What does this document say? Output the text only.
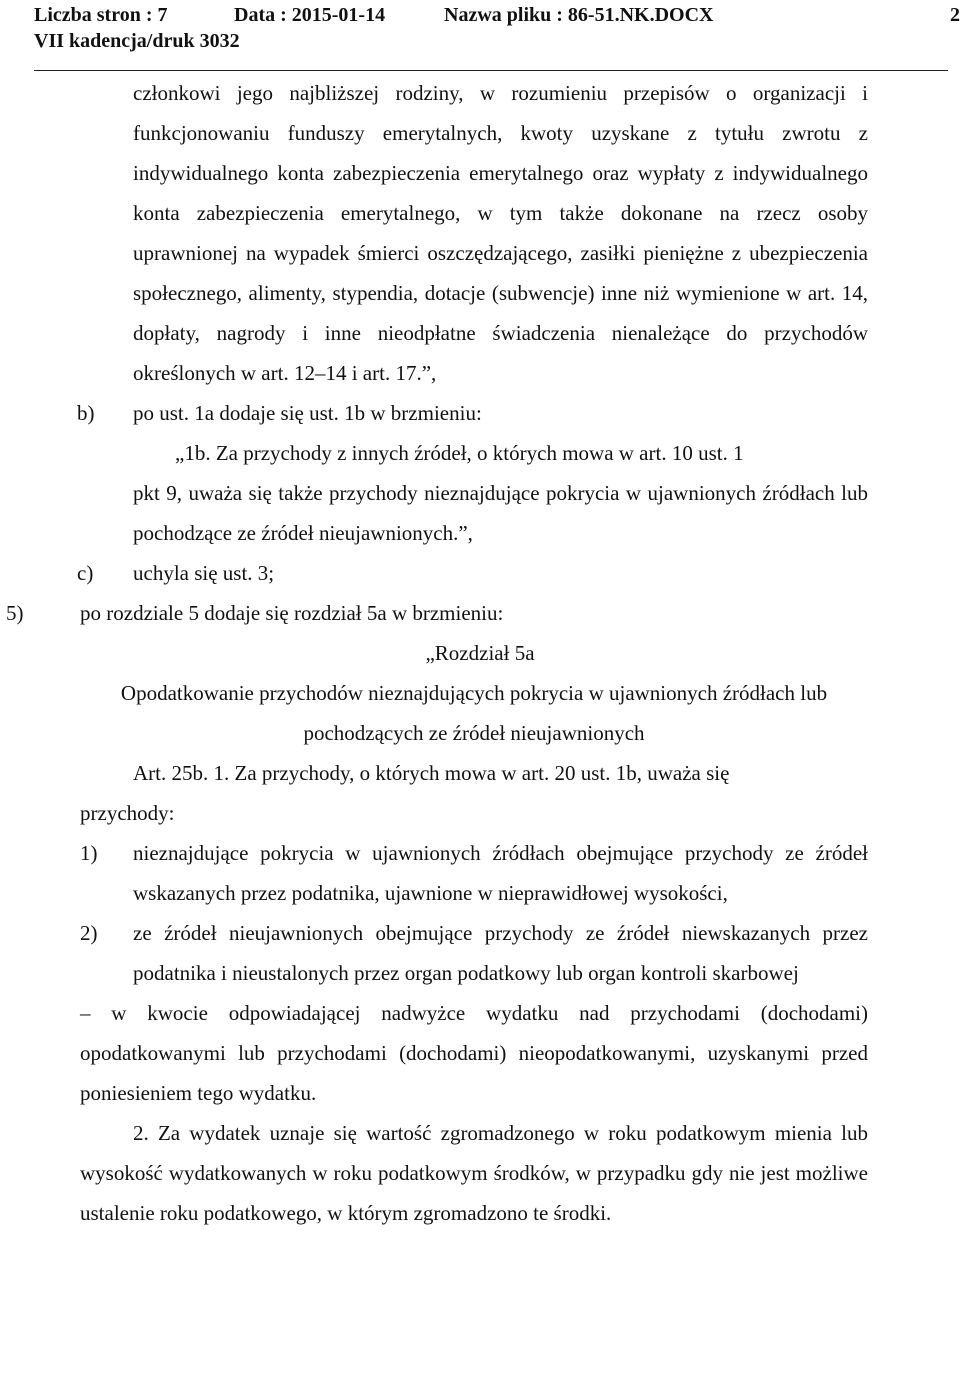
Liczba stron : 7	Data : 2015-01-14	Nazwa pliku : 86-51.NK.DOCX	2
VII kadencja/druk 3032

członkowi jego najbliższej rodziny, w rozumieniu przepisów o organizacji i funkcjonowaniu funduszy emerytalnych, kwoty uzyskane z tytułu zwrotu z indywidualnego konta zabezpieczenia emerytalnego oraz wypłaty z indywidualnego konta zabezpieczenia emerytalnego, w tym także dokonane na rzecz osoby uprawnionej na wypadek śmierci oszczędzającego, zasiłki pieniężne z ubezpieczenia społecznego, alimenty, stypendia, dotacje (subwencje) inne niż wymienione w art. 14, dopłaty, nagrody i inne nieodpłatne świadczenia nienależące do przychodów określonych w art. 12–14 i art. 17.”,

b)	po ust. 1a dodaje się ust. 1b w brzmieniu:

„1b. Za przychody z innych źródeł, o których mowa w art. 10 ust. 1

pkt 9, uważa się także przychody nieznajdujące pokrycia w ujawnionych źródłach lub pochodzące ze źródeł nieujawnionych.”,

c)	uchyla się ust. 3;
5)	po rozdziale 5 dodaje się rozdział 5a w brzmieniu:

„Rozdział 5a

Opodatkowanie przychodów nieznajdujących pokrycia w ujawnionych źródłach lub pochodzących ze źródeł nieujawnionych

Art. 25b. 1. Za przychody, o których mowa w art. 20 ust. 1b, uważa się

przychody:

1)	nieznajdujące pokrycia w ujawnionych źródłach obejmujące przychody ze źródeł wskazanych przez podatnika, ujawnione w nieprawidłowej wysokości,
2)	ze źródeł nieujawnionych obejmujące przychody ze źródeł niewskazanych przez podatnika i nieustalonych przez organ podatkowy lub organ kontroli skarbowej

– w kwocie odpowiadającej nadwyżce wydatku nad przychodami (dochodami) opodatkowanymi lub przychodami (dochodami) nieopodatkowanymi, uzyskanymi przed poniesieniem tego wydatku.

2. Za wydatek uznaje się wartość zgromadzonego w roku podatkowym mienia lub wysokość wydatkowanych w roku podatkowym środków, w przypadku gdy nie jest możliwe ustalenie roku podatkowego, w którym zgromadzono te środki.
